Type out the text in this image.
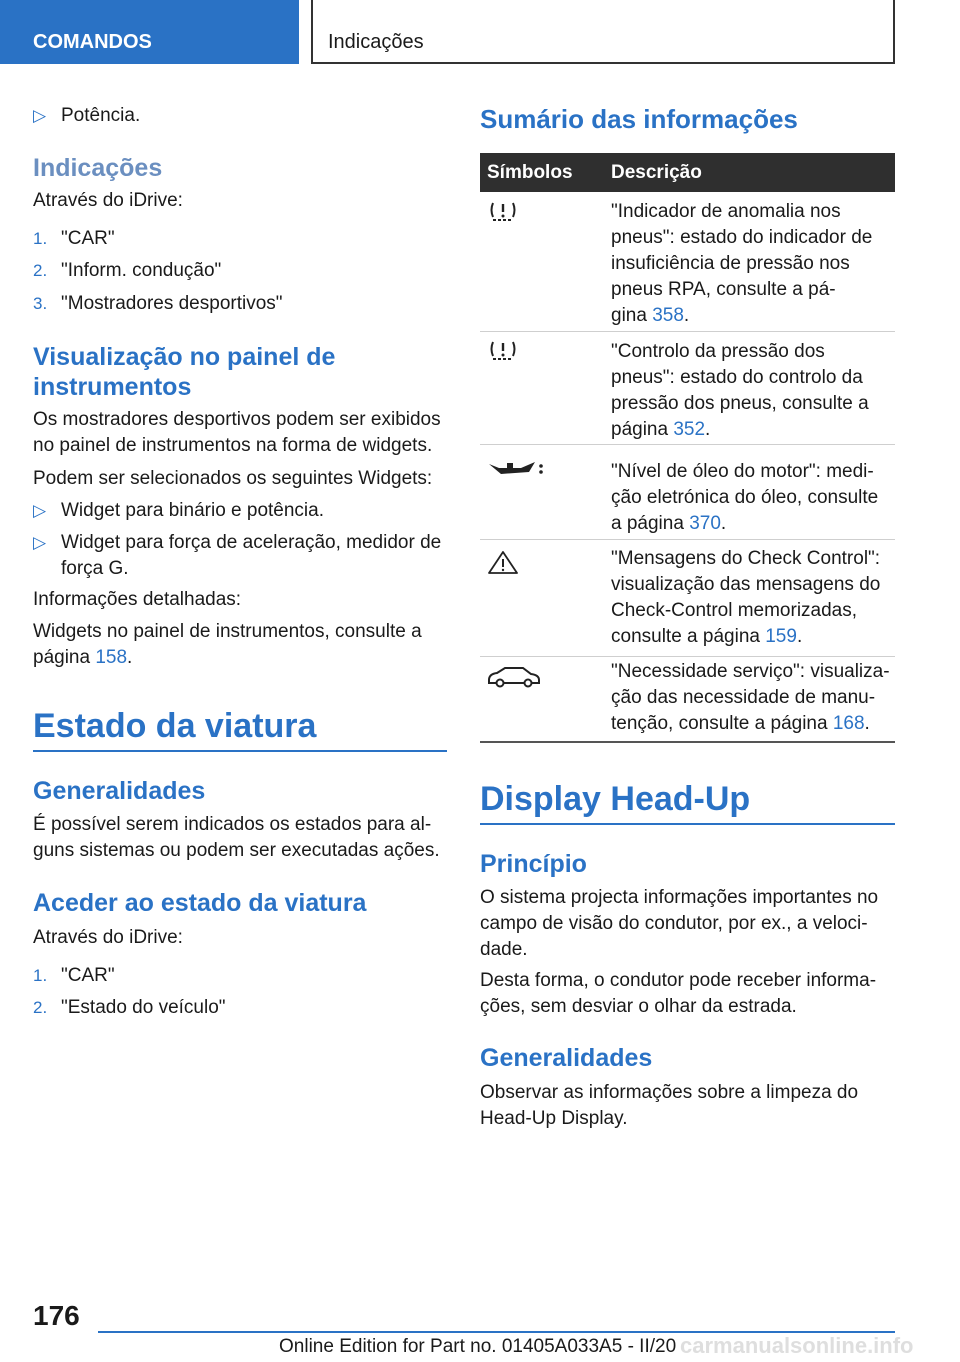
COMANDOS	Indicações
▷ Potência.
Indicações
Através do iDrive:
1. "CAR"
2. "Inform. condução"
3. "Mostradores desportivos"
Visualização no painel de
instrumentos
Os mostradores desportivos podem ser exibidos
no painel de instrumentos na forma de widgets.
Podem ser selecionados os seguintes Widgets:
▷ Widget para binário e potência.
▷ Widget para força de aceleração, medidor de
força G.
Informações detalhadas:
Widgets no painel de instrumentos, consulte a
página 158.
Estado da viatura
Generalidades
É possível serem indicados os estados para al-
guns sistemas ou podem ser executadas ações.
Aceder ao estado da viatura
Através do iDrive:
1. "CAR"
2. "Estado do veículo"
Sumário das informações
Símbolos Descrição
"Indicador de anomalia nos
pneus": estado do indicador de
insuficiência de pressão nos
pneus RPA, consulte a pá-
gina 358.
"Controlo da pressão dos
pneus": estado do controlo da
pressão dos pneus, consulte a
página 352.
"Nível de óleo do motor": medi-
ção eletrónica do óleo, consulte
a página 370.
"Mensagens do Check Control":
visualização das mensagens do
Check-Control memorizadas,
consulte a página 159.
"Necessidade serviço": visualiza-
ção das necessidade de manu-
tenção, consulte a página 168.
Display Head-Up
Princípio
O sistema projecta informações importantes no
campo de visão do condutor, por ex., a veloci-
dade.
Desta forma, o condutor pode receber informa-
ções, sem desviar o olhar da estrada.
Generalidades
Observar as informações sobre a limpeza do
Head-Up Display.
176
Online Edition for Part no. 01405A033A5 - II/20 carmanualsonline.info
